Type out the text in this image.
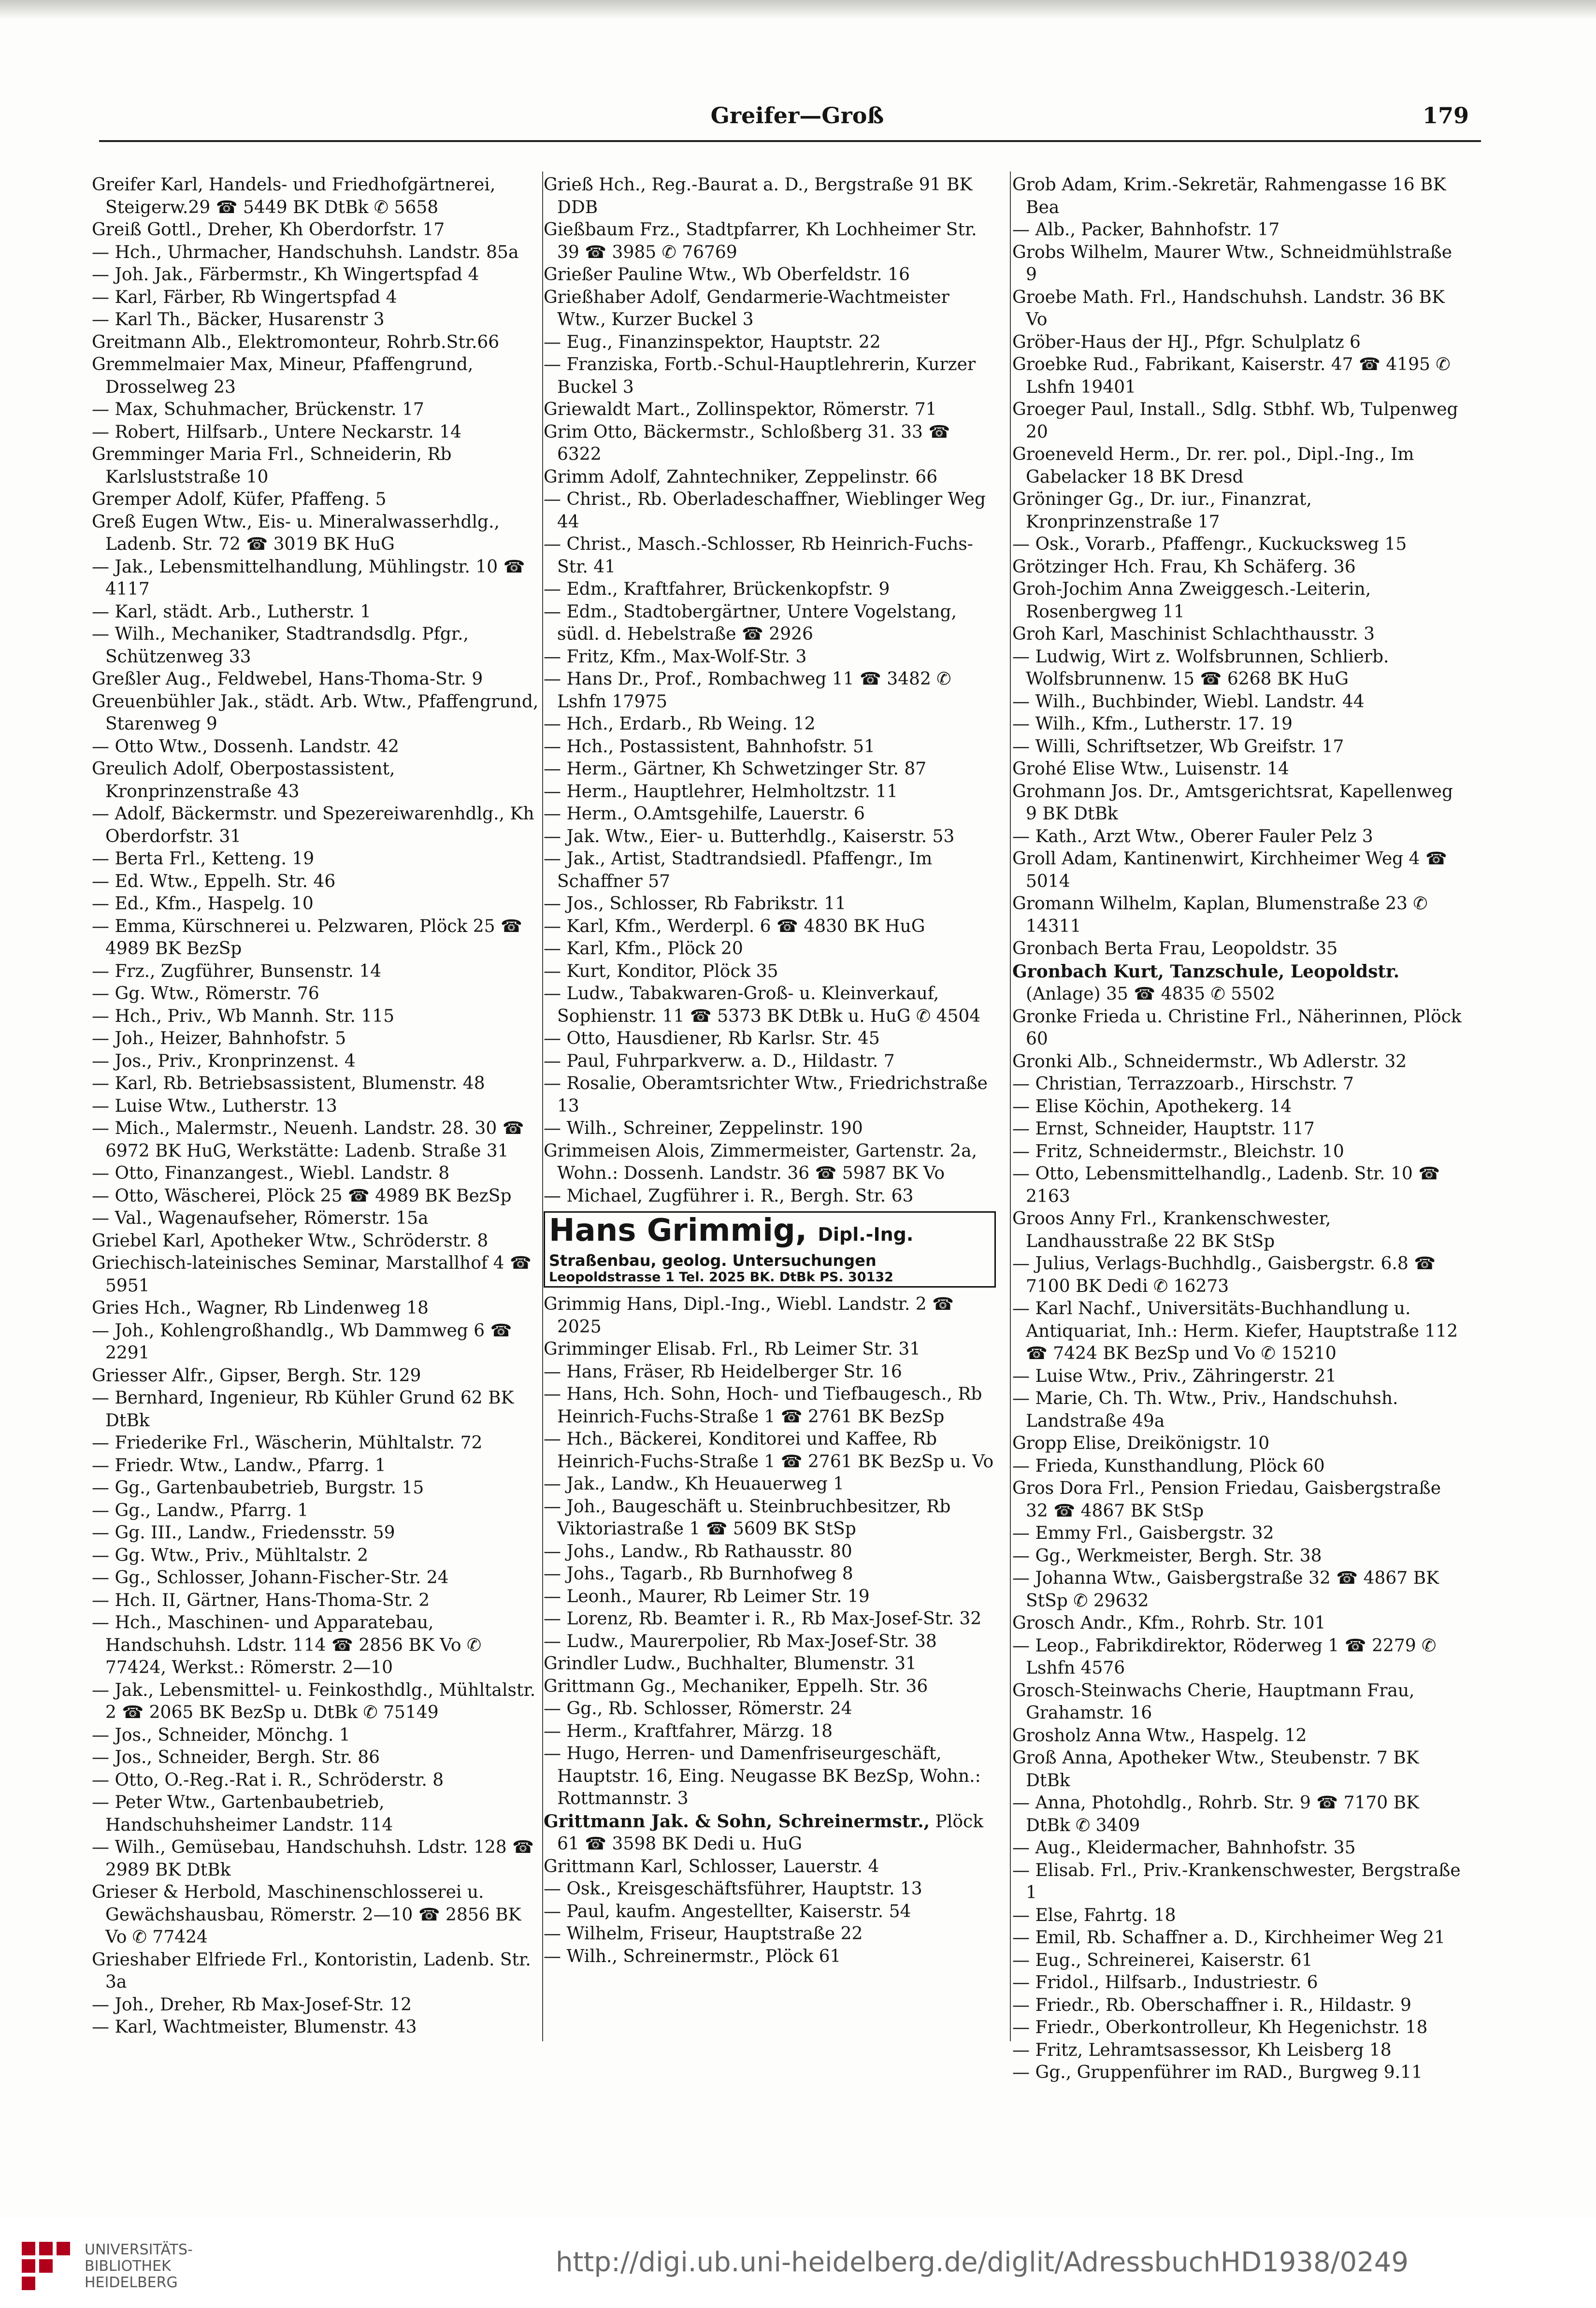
Greifer—Groß	179

Greifer Karl, Handels- und Friedhofgärtnerei, Steigerw.29 ☎ 5449 BK DtBk ✆ 5658

Greiß Gottl., Dreher, Kh Oberdorfstr. 17

— Hch., Uhrmacher, Handschuhsh. Landstr. 85a

— Joh. Jak., Färbermstr., Kh Wingertspfad 4

— Karl, Färber, Rb Wingertspfad 4

— Karl Th., Bäcker, Husarenstr 3

Greitmann Alb., Elektromonteur, Rohrb.Str.66

Gremmelmaier Max, Mineur, Pfaffengrund, Drosselweg 23

— Max, Schuhmacher, Brückenstr. 17

— Robert, Hilfsarb., Untere Neckarstr. 14

Gremminger Maria Frl., Schneiderin, Rb Karlsluststraße 10

Gremper Adolf, Küfer, Pfaffeng. 5

Greß Eugen Wtw., Eis- u. Mineralwasserhdlg., Ladenb. Str. 72 ☎ 3019 BK HuG

— Jak., Lebensmittelhandlung, Mühlingstr. 10 ☎ 4117

— Karl, städt. Arb., Lutherstr. 1

— Wilh., Mechaniker, Stadtrandsdlg. Pfgr., Schützenweg 33

Greßler Aug., Feldwebel, Hans-Thoma-Str. 9

Greuenbühler Jak., städt. Arb. Wtw., Pfaffengrund, Starenweg 9

— Otto Wtw., Dossenh. Landstr. 42

Greulich Adolf, Oberpostassistent, Kronprinzenstraße 43

— Adolf, Bäckermstr. und Spezereiwarenhdlg., Kh Oberdorfstr. 31

— Berta Frl., Ketteng. 19

— Ed. Wtw., Eppelh. Str. 46

— Ed., Kfm., Haspelg. 10

— Emma, Kürschnerei u. Pelzwaren, Plöck 25 ☎ 4989 BK BezSp

— Frz., Zugführer, Bunsenstr. 14

— Gg. Wtw., Römerstr. 76

— Hch., Priv., Wb Mannh. Str. 115

— Joh., Heizer, Bahnhofstr. 5

— Jos., Priv., Kronprinzenst. 4

— Karl, Rb. Betriebsassistent, Blumenstr. 48

— Luise Wtw., Lutherstr. 13

— Mich., Malermstr., Neuenh. Landstr. 28. 30 ☎ 6972 BK HuG, Werkstätte: Ladenb. Straße 31

— Otto, Finanzangest., Wiebl. Landstr. 8

— Otto, Wäscherei, Plöck 25 ☎ 4989 BK BezSp

— Val., Wagenaufseher, Römerstr. 15a

Griebel Karl, Apotheker Wtw., Schröderstr. 8

Griechisch-lateinisches Seminar, Marstallhof 4 ☎ 5951

Gries Hch., Wagner, Rb Lindenweg 18

— Joh., Kohlengroßhandlg., Wb Dammweg 6 ☎ 2291

Griesser Alfr., Gipser, Bergh. Str. 129

— Bernhard, Ingenieur, Rb Kühler Grund 62 BK DtBk

— Friederike Frl., Wäscherin, Mühltalstr. 72

— Friedr. Wtw., Landw., Pfarrg. 1

— Gg., Gartenbaubetrieb, Burgstr. 15

— Gg., Landw., Pfarrg. 1

— Gg. III., Landw., Friedensstr. 59

— Gg. Wtw., Priv., Mühltalstr. 2

— Gg., Schlosser, Johann-Fischer-Str. 24

— Hch. II, Gärtner, Hans-Thoma-Str. 2

— Hch., Maschinen- und Apparatebau, Handschuhsh. Ldstr. 114 ☎ 2856 BK Vo ✆ 77424, Werkst.: Römerstr. 2—10

— Jak., Lebensmittel- u. Feinkosthdlg., Mühltalstr. 2 ☎ 2065 BK BezSp u. DtBk ✆ 75149

— Jos., Schneider, Mönchg. 1

— Jos., Schneider, Bergh. Str. 86

— Otto, O.-Reg.-Rat i. R., Schröderstr. 8

— Peter Wtw., Gartenbaubetrieb, Handschuhsheimer Landstr. 114

— Wilh., Gemüsebau, Handschuhsh. Ldstr. 128 ☎ 2989 BK DtBk

Grieser & Herbold, Maschinenschlosserei u. Gewächshausbau, Römerstr. 2—10 ☎ 2856 BK Vo ✆ 77424

Grieshaber Elfriede Frl., Kontoristin, Ladenb. Str. 3a

— Joh., Dreher, Rb Max-Josef-Str. 12

— Karl, Wachtmeister, Blumenstr. 43

Grieß Hch., Reg.-Baurat a. D., Bergstraße 91 BK DDB

Gießbaum Frz., Stadtpfarrer, Kh Lochheimer Str. 39 ☎ 3985 ✆ 76769

Grießer Pauline Wtw., Wb Oberfeldstr. 16

Grießhaber Adolf, Gendarmerie-Wachtmeister Wtw., Kurzer Buckel 3

— Eug., Finanzinspektor, Hauptstr. 22

— Franziska, Fortb.-Schul-Hauptlehrerin, Kurzer Buckel 3

Griewaldt Mart., Zollinspektor, Römerstr. 71

Grim Otto, Bäckermstr., Schloßberg 31. 33 ☎ 6322

Grimm Adolf, Zahntechniker, Zeppelinstr. 66

— Christ., Rb. Oberladeschaffner, Wieblinger Weg 44

— Christ., Masch.-Schlosser, Rb Heinrich-Fuchs-Str. 41

— Edm., Kraftfahrer, Brückenkopfstr. 9

— Edm., Stadtobergärtner, Untere Vogelstang, südl. d. Hebelstraße ☎ 2926

— Fritz, Kfm., Max-Wolf-Str. 3

— Hans Dr., Prof., Rombachweg 11 ☎ 3482 ✆ Lshfn 17975

— Hch., Erdarb., Rb Weing. 12

— Hch., Postassistent, Bahnhofstr. 51

— Herm., Gärtner, Kh Schwetzinger Str. 87

— Herm., Hauptlehrer, Helmholtzstr. 11

— Herm., O.Amtsgehilfe, Lauerstr. 6

— Jak. Wtw., Eier- u. Butterhdlg., Kaiserstr. 53

— Jak., Artist, Stadtrandsiedl. Pfaffengr., Im Schaffner 57

— Jos., Schlosser, Rb Fabrikstr. 11

— Karl, Kfm., Werderpl. 6 ☎ 4830 BK HuG

— Karl, Kfm., Plöck 20

— Kurt, Konditor, Plöck 35

— Ludw., Tabakwaren-Groß- u. Kleinverkauf, Sophienstr. 11 ☎ 5373 BK DtBk u. HuG ✆ 4504

— Otto, Hausdiener, Rb Karlsr. Str. 45

— Paul, Fuhrparkverw. a. D., Hildastr. 7

— Rosalie, Oberamtsrichter Wtw., Friedrichstraße 13

— Wilh., Schreiner, Zeppelinstr. 190

Grimmeisen Alois, Zimmermeister, Gartenstr. 2a, Wohn.: Dossenh. Landstr. 36 ☎ 5987 BK Vo

— Michael, Zugführer i. R., Bergh. Str. 63

Hans Grimmig, Dipl.-Ing.
Straßenbau, geolog. Untersuchungen
Leopoldstrasse 1 Tel. 2025 BK. DtBk PS. 30132

Grimmig Hans, Dipl.-Ing., Wiebl. Landstr. 2 ☎ 2025

Grimminger Elisab. Frl., Rb Leimer Str. 31

— Hans, Fräser, Rb Heidelberger Str. 16

— Hans, Hch. Sohn, Hoch- und Tiefbaugesch., Rb Heinrich-Fuchs-Straße 1 ☎ 2761 BK BezSp

— Hch., Bäckerei, Konditorei und Kaffee, Rb Heinrich-Fuchs-Straße 1 ☎ 2761 BK BezSp u. Vo

— Jak., Landw., Kh Heuauerweg 1

— Joh., Baugeschäft u. Steinbruchbesitzer, Rb Viktoriastraße 1 ☎ 5609 BK StSp

— Johs., Landw., Rb Rathausstr. 80

— Johs., Tagarb., Rb Burnhofweg 8

— Leonh., Maurer, Rb Leimer Str. 19

— Lorenz, Rb. Beamter i. R., Rb Max-Josef-Str. 32

— Ludw., Maurerpolier, Rb Max-Josef-Str. 38

Grindler Ludw., Buchhalter, Blumenstr. 31

Grittmann Gg., Mechaniker, Eppelh. Str. 36

— Gg., Rb. Schlosser, Römerstr. 24

— Herm., Kraftfahrer, Märzg. 18

— Hugo, Herren- und Damenfriseurgeschäft, Hauptstr. 16, Eing. Neugasse BK BezSp, Wohn.: Rottmannstr. 3

Grittmann Jak. & Sohn, Schreinermstr., Plöck 61 ☎ 3598 BK Dedi u. HuG

Grittmann Karl, Schlosser, Lauerstr. 4

— Osk., Kreisgeschäftsführer, Hauptstr. 13

— Paul, kaufm. Angestellter, Kaiserstr. 54

— Wilhelm, Friseur, Hauptstraße 22

— Wilh., Schreinermstr., Plöck 61

Grob Adam, Krim.-Sekretär, Rahmengasse 16 BK Bea

— Alb., Packer, Bahnhofstr. 17

Grobs Wilhelm, Maurer Wtw., Schneidmühlstraße 9

Groebe Math. Frl., Handschuhsh. Landstr. 36 BK Vo

Gröber-Haus der HJ., Pfgr. Schulplatz 6

Groebke Rud., Fabrikant, Kaiserstr. 47 ☎ 4195 ✆ Lshfn 19401

Groeger Paul, Install., Sdlg. Stbhf. Wb, Tulpenweg 20

Groeneveld Herm., Dr. rer. pol., Dipl.-Ing., Im Gabelacker 18 BK Dresd

Gröninger Gg., Dr. iur., Finanzrat, Kronprinzenstraße 17

— Osk., Vorarb., Pfaffengr., Kuckucksweg 15

Grötzinger Hch. Frau, Kh Schäferg. 36

Groh-Jochim Anna Zweiggesch.-Leiterin, Rosenbergweg 11

Groh Karl, Maschinist Schlachthausstr. 3

— Ludwig, Wirt z. Wolfsbrunnen, Schlierb. Wolfsbrunnenw. 15 ☎ 6268 BK HuG

— Wilh., Buchbinder, Wiebl. Landstr. 44

— Wilh., Kfm., Lutherstr. 17. 19

— Willi, Schriftsetzer, Wb Greifstr. 17

Grohé Elise Wtw., Luisenstr. 14

Grohmann Jos. Dr., Amtsgerichtsrat, Kapellenweg 9 BK DtBk

— Kath., Arzt Wtw., Oberer Fauler Pelz 3

Groll Adam, Kantinenwirt, Kirchheimer Weg 4 ☎ 5014

Gromann Wilhelm, Kaplan, Blumenstraße 23 ✆ 14311

Gronbach Berta Frau, Leopoldstr. 35

Gronbach Kurt, Tanzschule, Leopoldstr. (Anlage) 35 ☎ 4835 ✆ 5502

Gronke Frieda u. Christine Frl., Näherinnen, Plöck 60

Gronki Alb., Schneidermstr., Wb Adlerstr. 32

— Christian, Terrazzoarb., Hirschstr. 7

— Elise Köchin, Apothekerg. 14

— Ernst, Schneider, Hauptstr. 117

— Fritz, Schneidermstr., Bleichstr. 10

— Otto, Lebensmittelhandlg., Ladenb. Str. 10 ☎ 2163

Groos Anny Frl., Krankenschwester, Landhausstraße 22 BK StSp

— Julius, Verlags-Buchhdlg., Gaisbergstr. 6.8 ☎ 7100 BK Dedi ✆ 16273

— Karl Nachf., Universitäts-Buchhandlung u. Antiquariat, Inh.: Herm. Kiefer, Hauptstraße 112 ☎ 7424 BK BezSp und Vo ✆ 15210

— Luise Wtw., Priv., Zähringerstr. 21

— Marie, Ch. Th. Wtw., Priv., Handschuhsh. Landstraße 49a

Gropp Elise, Dreikönigstr. 10

— Frieda, Kunsthandlung, Plöck 60

Gros Dora Frl., Pension Friedau, Gaisbergstraße 32 ☎ 4867 BK StSp

— Emmy Frl., Gaisbergstr. 32

— Gg., Werkmeister, Bergh. Str. 38

— Johanna Wtw., Gaisbergstraße 32 ☎ 4867 BK StSp ✆ 29632

Grosch Andr., Kfm., Rohrb. Str. 101

— Leop., Fabrikdirektor, Röderweg 1 ☎ 2279 ✆ Lshfn 4576

Grosch-Steinwachs Cherie, Hauptmann Frau, Grahamstr. 16

Grosholz Anna Wtw., Haspelg. 12

Groß Anna, Apotheker Wtw., Steubenstr. 7 BK DtBk

— Anna, Photohdlg., Rohrb. Str. 9 ☎ 7170 BK DtBk ✆ 3409

— Aug., Kleidermacher, Bahnhofstr. 35

— Elisab. Frl., Priv.-Krankenschwester, Bergstraße 1

— Else, Fahrtg. 18

— Emil, Rb. Schaffner a. D., Kirchheimer Weg 21

— Eug., Schreinerei, Kaiserstr. 61

— Fridol., Hilfsarb., Industriestr. 6

— Friedr., Rb. Oberschaffner i. R., Hildastr. 9

— Friedr., Oberkontrolleur, Kh Hegenichstr. 18

— Fritz, Lehramtsassessor, Kh Leisberg 18

— Gg., Gruppenführer im RAD., Burgweg 9.11

UNIVERSITÄTS-
BIBLIOTHEK
HEIDELBERG
http://digi.ub.uni-heidelberg.de/diglit/AdressbuchHD1938/0249
